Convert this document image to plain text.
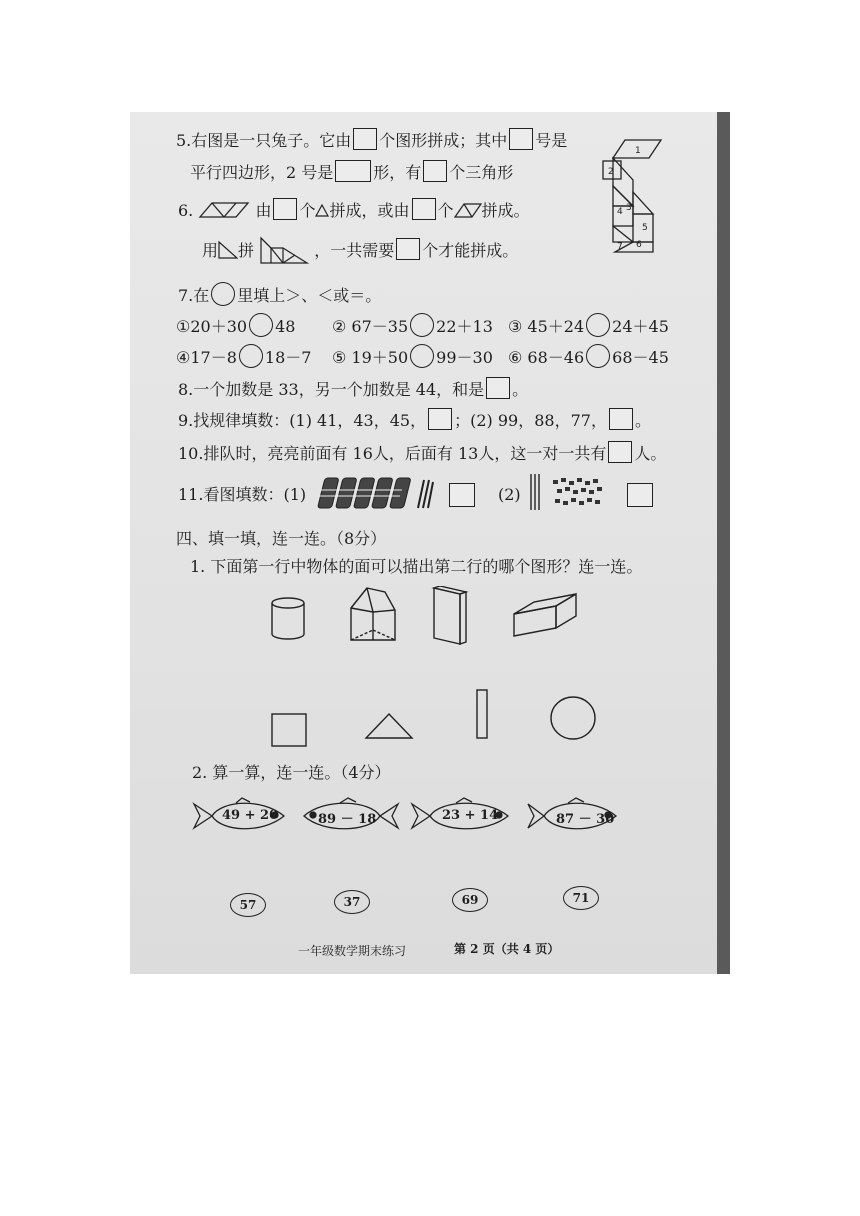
5.右图是一只兔子。它由 个图形拼成；其中 号是
平行四边形，2 号是	形，有 个三角形
1
2
3
4
5
6
7
6.	由 个 拼成，或由 个 拼成。
用 拼	，一共需要 个才能拼成。
7.在 里填上＞、＜或＝。
①20＋30 48 ② 67－35 22＋13 ③ 45＋24 24＋45
④17－8 18－7 ⑤ 19＋50 99－30 ⑥ 68－46 68－45
8.一个加数是 33，另一个加数是 44，和是 。
9.找规律填数：(1) 41，43，45， ；(2) 99，88，77， 。
10.排队时，亮亮前面有 16人，后面有 13人，这一对一共有 人。
11.看图填数：(1)	(2)
四、填一填，连一连。（8分）
1. 下面第一行中物体的面可以描出第二行的哪个图形？连一连。
2. 算一算，连一连。（4分）
49 + 20	89 － 18	23 + 14	87 － 30
57	37	69	71
一年级数学期末练习	第 2 页（共 4 页）
